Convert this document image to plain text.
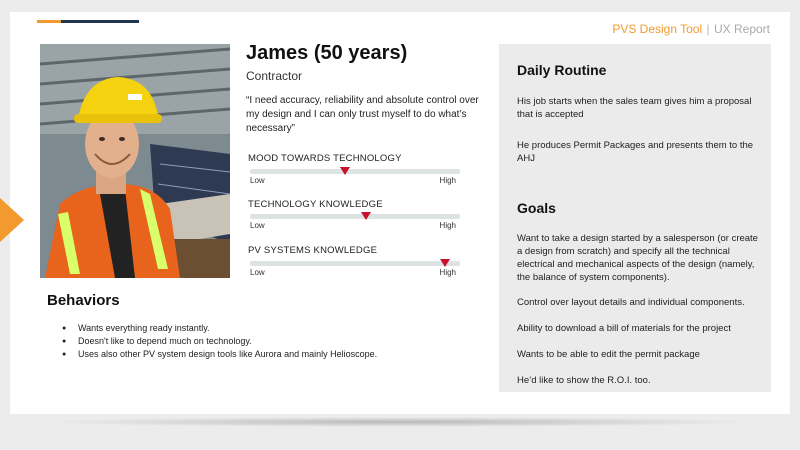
PVS Design Tool | UX Report
James (50 years)
Contractor
“I need accuracy, reliability and absolute control over my design and I can only trust myself to do what’s necessary”
MOOD TOWARDS TECHNOLOGY
Low	High
TECHNOLOGY KNOWLEDGE
Low	High
PV SYSTEMS KNOWLEDGE
Low	High
Behaviors
● Wants everything ready instantly.
● Doesn't like to depend much on technology.
● Uses also other PV system design tools like Aurora and mainly Helioscope.
Daily Routine
His job starts when the sales team gives him a proposal that is accepted
He produces Permit Packages and presents them to the AHJ
Goals
Want to take a design started by a salesperson (or create a design from scratch) and specify all the technical electrical and mechanical aspects of the design (namely, the balance of system components).
Control over layout details and individual components.
Ability to download a bill of materials for the project
Wants to be able to edit the permit package
He’d like to show the R.O.I. too.
